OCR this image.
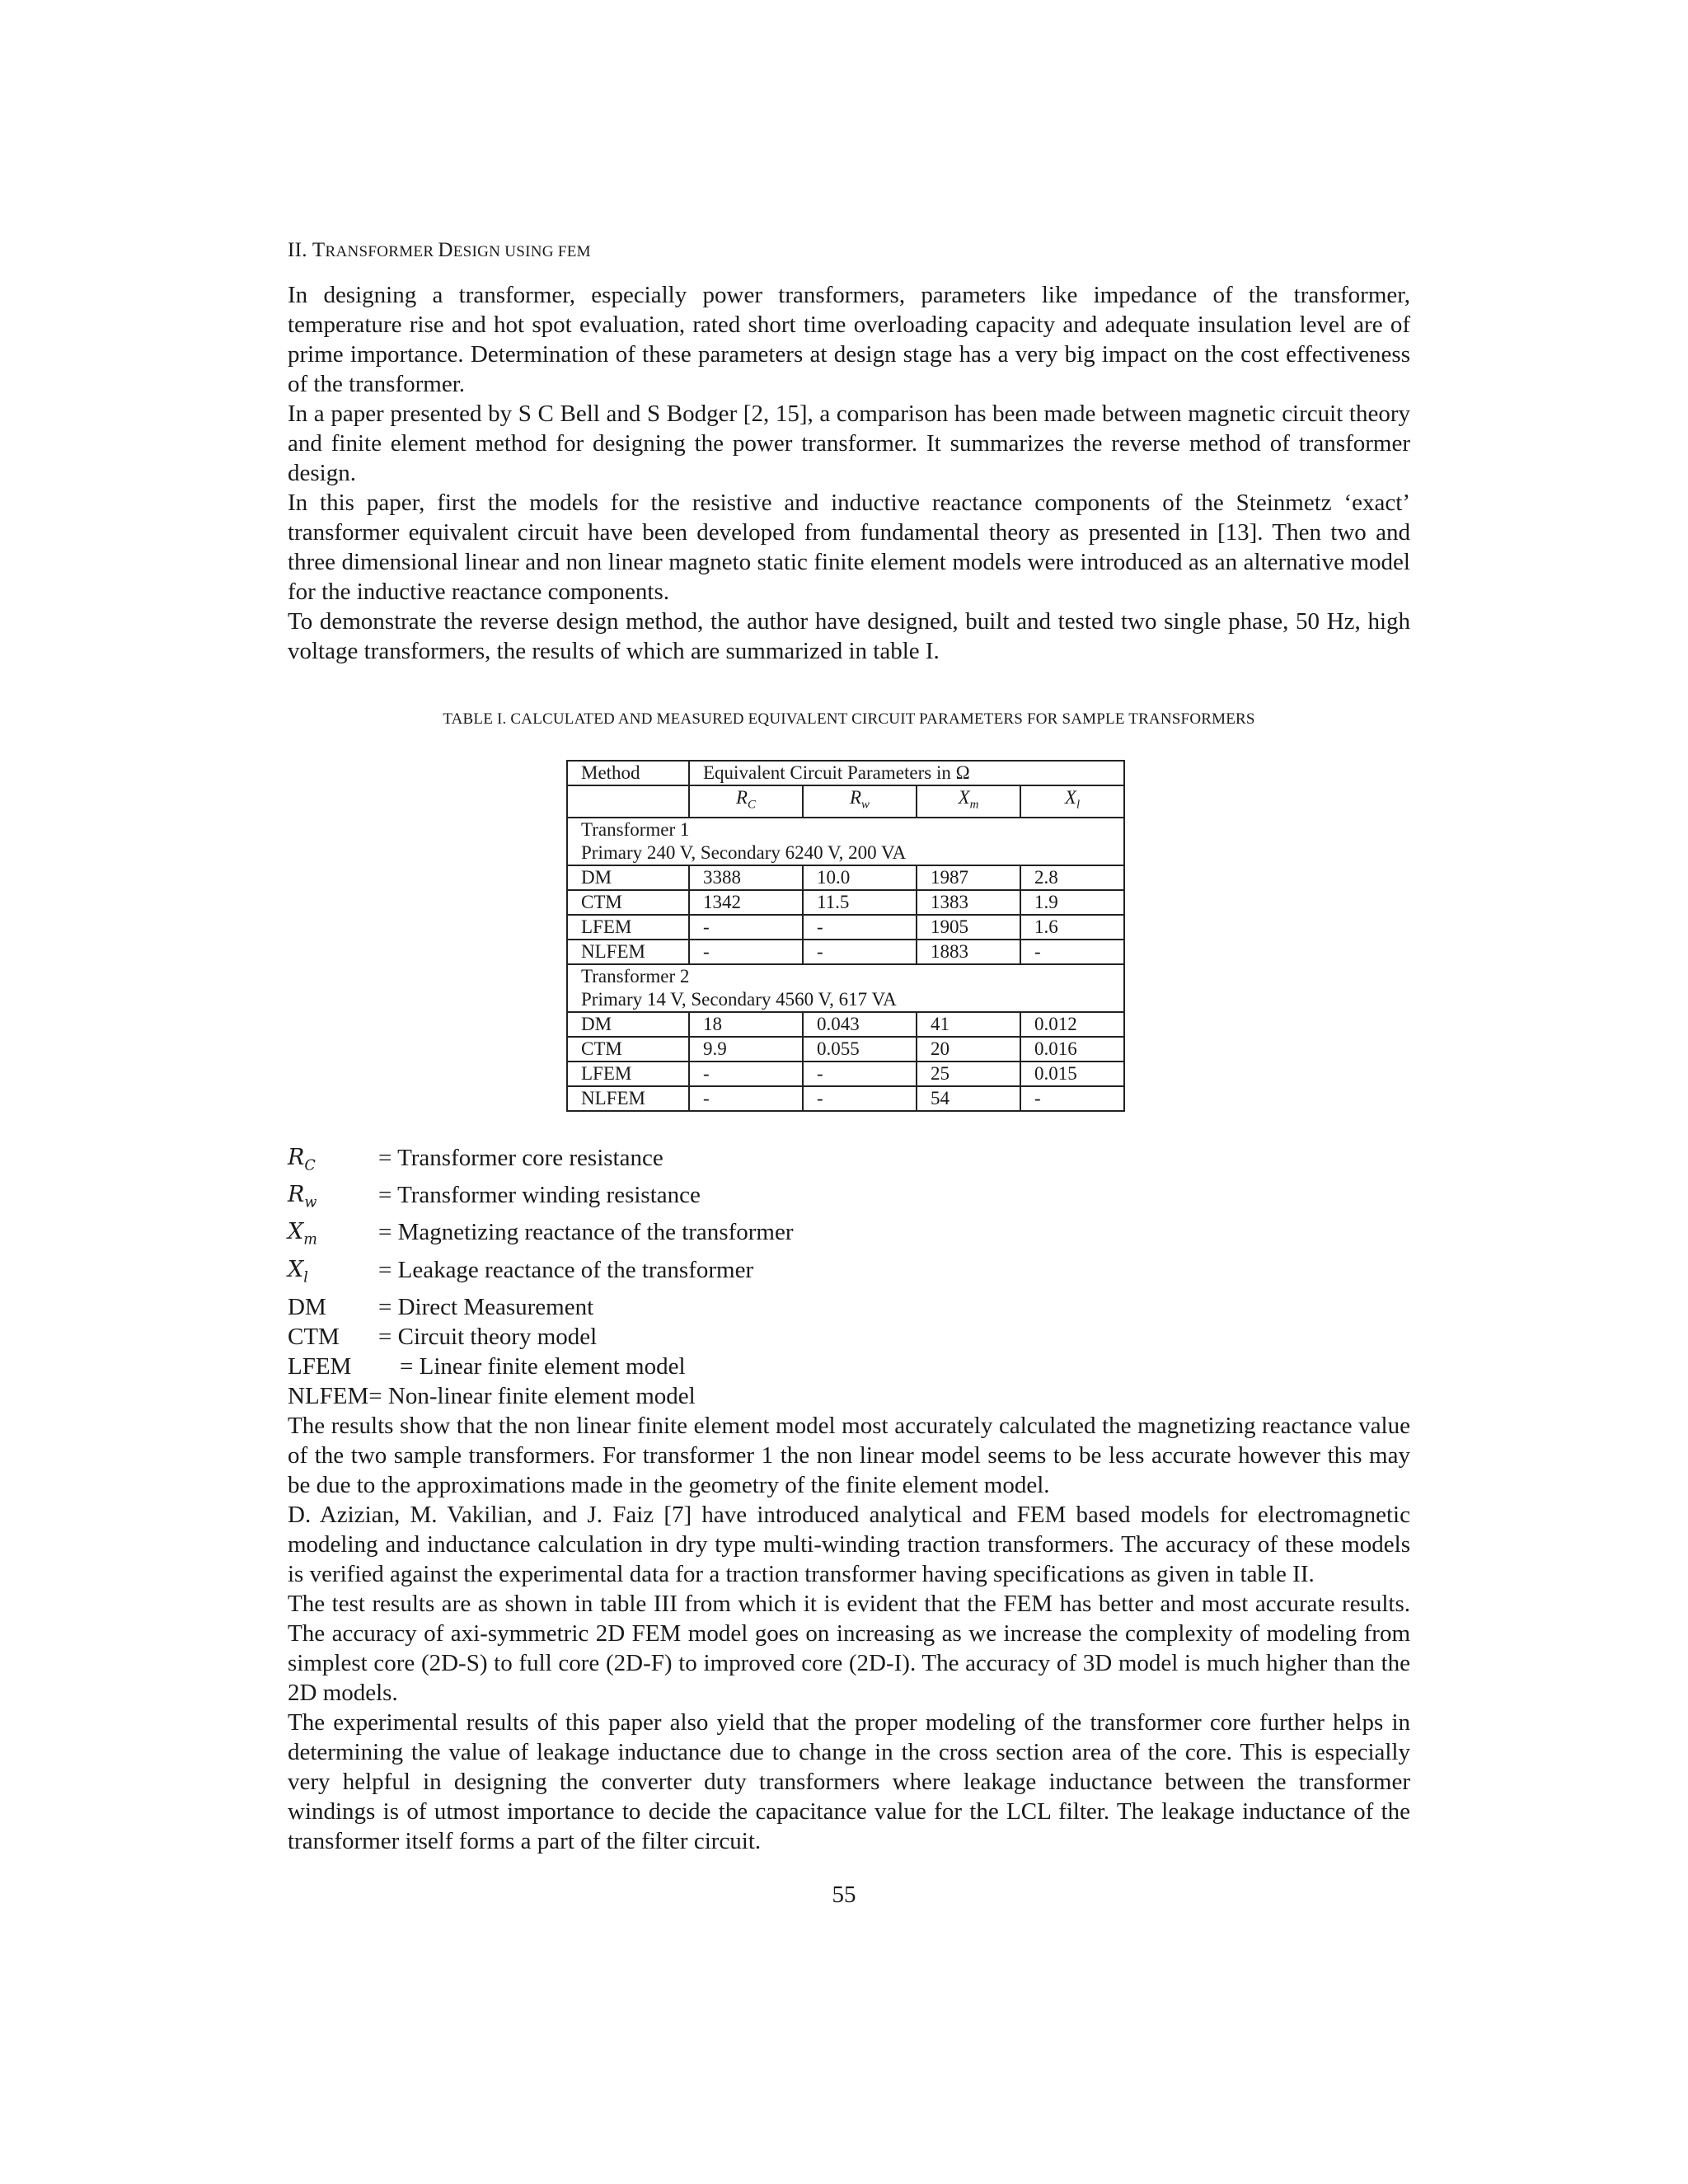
II. TRANSFORMER DESIGN USING FEM

In designing a transformer, especially power transformers, parameters like impedance of the transformer, temperature rise and hot spot evaluation, rated short time overloading capacity and adequate insulation level are of prime importance. Determination of these parameters at design stage has a very big impact on the cost effectiveness of the transformer.

In a paper presented by S C Bell and S Bodger [2, 15], a comparison has been made between magnetic circuit theory and finite element method for designing the power transformer. It summarizes the reverse method of transformer design.

In this paper, first the models for the resistive and inductive reactance components of the Steinmetz ‘exact’ transformer equivalent circuit have been developed from fundamental theory as presented in [13]. Then two and three dimensional linear and non linear magneto static finite element models were introduced as an alternative model for the inductive reactance components.

To demonstrate the reverse design method, the author have designed, built and tested two single phase, 50 Hz, high voltage transformers, the results of which are summarized in table I.

TABLE I. CALCULATED AND MEASURED EQUIVALENT CIRCUIT PARAMETERS FOR SAMPLE TRANSFORMERS
Method	Equivalent Circuit Parameters in Ω			
	$R_C$	$R_w$	$X_m$	$X_l$

Transformer 1
Primary 240 V, Secondary 6240 V, 200 VA				

DM	3388	10.0	1987	2.8
CTM	1342	11.5	1383	1.9
LFEM	-	-	1905	1.6
NLFEM	-	-	1883	-

Transformer 2
Primary 14 V, Secondary 4560 V, 617 VA				

DM	18	0.043	41	0.012
CTM	9.9	0.055	20	0.016
LFEM	-	-	25	0.015
NLFEM	-	-	54	-
$R_C$	= Transformer core resistance
$R_w$	= Transformer winding resistance
$X_m$	= Magnetizing reactance of the transformer
$X_l$	= Leakage reactance of the transformer
DM	= Direct Measurement
CTM	= Circuit theory model
LFEM	= Linear finite element model
NLFEM = Non-linear finite element model

The results show that the non linear finite element model most accurately calculated the magnetizing reactance value of the two sample transformers. For transformer 1 the non linear model seems to be less accurate however this may be due to the approximations made in the geometry of the finite element model.

D. Azizian, M. Vakilian, and J. Faiz [7] have introduced analytical and FEM based models for electromagnetic modeling and inductance calculation in dry type multi-winding traction transformers. The accuracy of these models is verified against the experimental data for a traction transformer having specifications as given in table II.

The test results are as shown in table III from which it is evident that the FEM has better and most accurate results. The accuracy of axi-symmetric 2D FEM model goes on increasing as we increase the complexity of modeling from simplest core (2D-S) to full core (2D-F) to improved core (2D-I). The accuracy of 3D model is much higher than the 2D models.

The experimental results of this paper also yield that the proper modeling of the transformer core further helps in determining the value of leakage inductance due to change in the cross section area of the core. This is especially very helpful in designing the converter duty transformers where leakage inductance between the transformer windings is of utmost importance to decide the capacitance value for the LCL filter. The leakage inductance of the transformer itself forms a part of the filter circuit.

55
